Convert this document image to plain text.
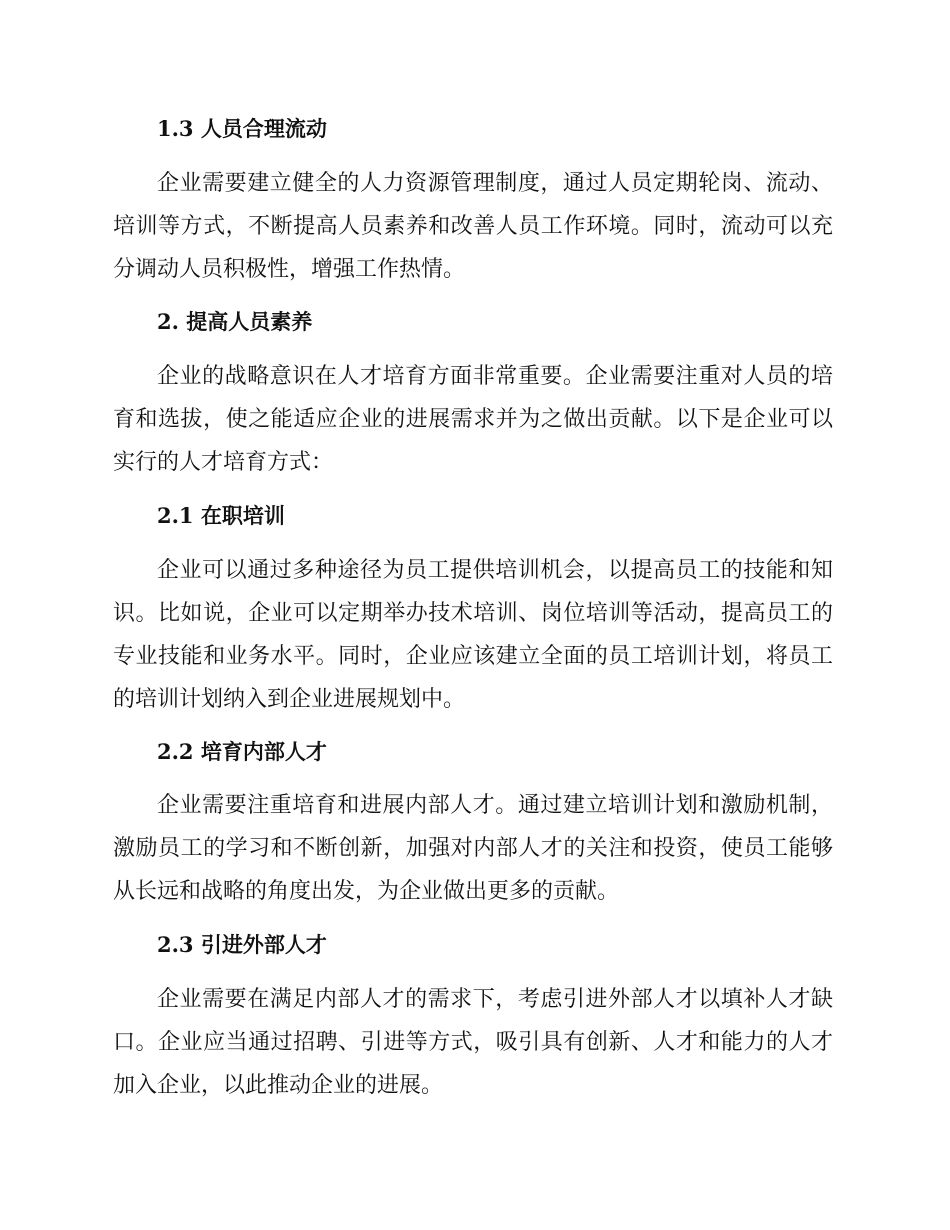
1.3 人员合理流动
企业需要建立健全的人力资源管理制度，通过人员定期轮岗、流动、培训等方式，不断提高人员素养和改善人员工作环境。同时，流动可以充分调动人员积极性，增强工作热情。
2. 提高人员素养
企业的战略意识在人才培育方面非常重要。企业需要注重对人员的培育和选拔，使之能适应企业的进展需求并为之做出贡献。以下是企业可以实行的人才培育方式：
2.1 在职培训
企业可以通过多种途径为员工提供培训机会，以提高员工的技能和知识。比如说，企业可以定期举办技术培训、岗位培训等活动，提高员工的专业技能和业务水平。同时，企业应该建立全面的员工培训计划，将员工的培训计划纳入到企业进展规划中。
2.2 培育内部人才
企业需要注重培育和进展内部人才。通过建立培训计划和激励机制，激励员工的学习和不断创新，加强对内部人才的关注和投资，使员工能够从长远和战略的角度出发，为企业做出更多的贡献。
2.3 引进外部人才
企业需要在满足内部人才的需求下，考虑引进外部人才以填补人才缺口。企业应当通过招聘、引进等方式，吸引具有创新、人才和能力的人才加入企业，以此推动企业的进展。
